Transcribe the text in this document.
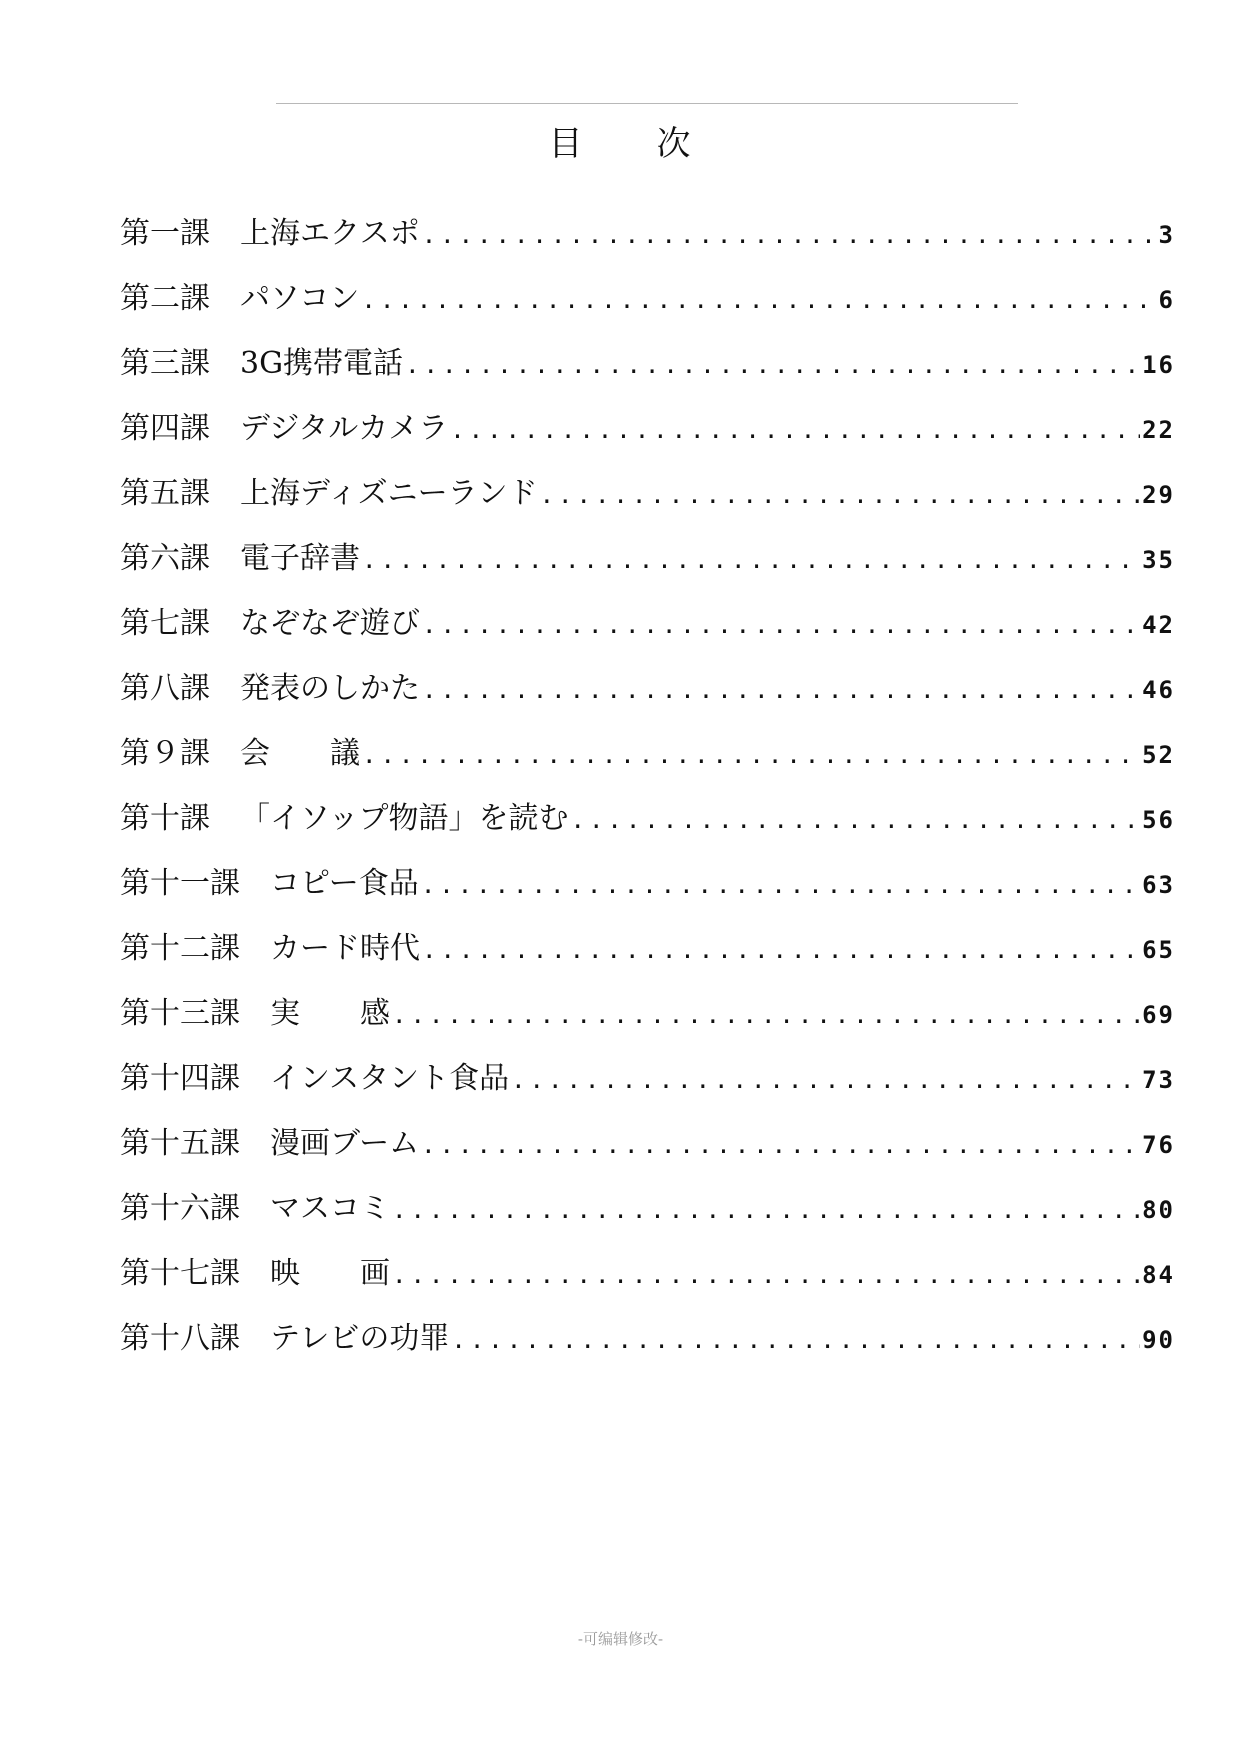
目　　次
第一課　 上海エクスポ .....	3
第二課　 パソコン .....	6
第三課　 3G携帯電話 .....	16
第四課　 デジタルカメラ .....	22
第五課　 上海ディズニーランド .....	29
第六課　 電子辞書 .....	35
第七課　 なぞなぞ遊び .....	42
第八課　 発表のしかた .....	46
第９課　 会　　議 .....	52
第十課　 「イソップ物語」を読む .....	56
第十一課　 コピー食品 .....	63
第十二課　 カード時代 .....	65
第十三課　 実　　感 .....	69
第十四課　 インスタント食品 .....	73
第十五課　 漫画ブーム .....	76
第十六課　 マスコミ .....	80
第十七課　 映　　画 .....	84
第十八課　 テレビの功罪 .....	90
-可编辑修改-
